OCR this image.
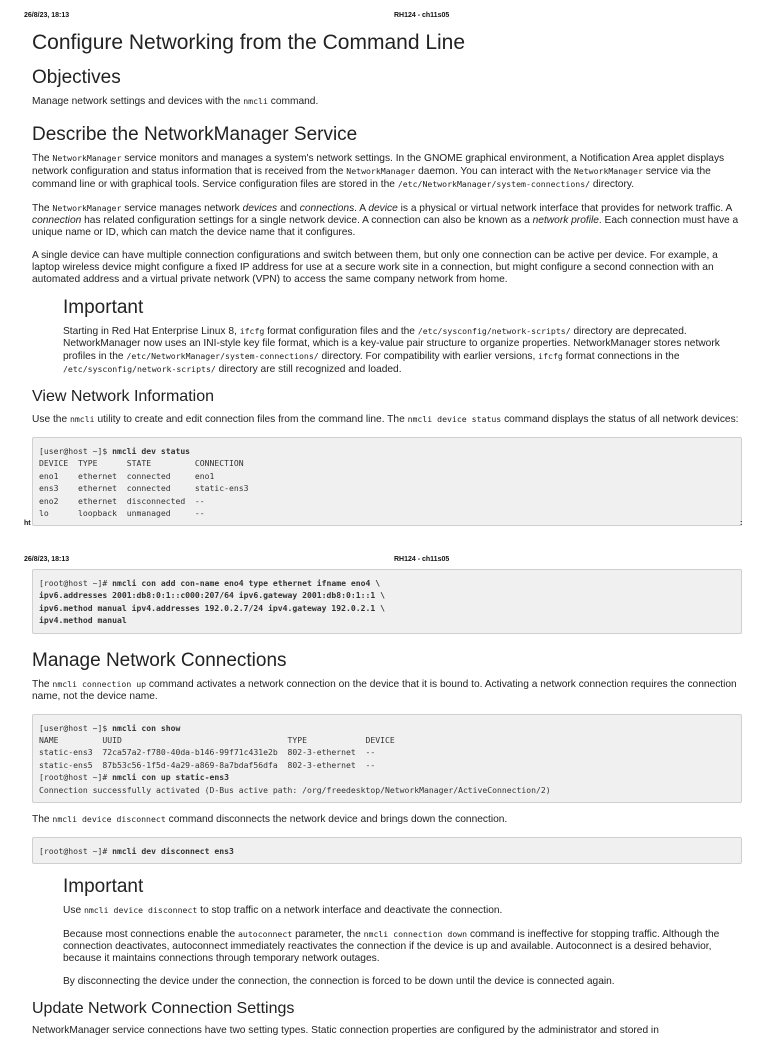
26/8/23, 18:13	RH124 - ch11s05
Configure Networking from the Command Line
Objectives

Manage network settings and devices with the nmcli command.

Describe the NetworkManager Service

The NetworkManager service monitors and manages a system's network settings. In the GNOME graphical environment, a Notification Area applet displays network configuration and status information that is received from the NetworkManager daemon. You can interact with the NetworkManager service via the command line or with graphical tools. Service configuration files are stored in the /etc/NetworkManager/system-connections/ directory.

The NetworkManager service manages network devices and connections. A device is a physical or virtual network interface that provides for network traffic. A connection has related configuration settings for a single network device. A connection can also be known as a network profile. Each connection must have a unique name or ID, which can match the device name that it configures.

A single device can have multiple connection configurations and switch between them, but only one connection can be active per device. For example, a laptop wireless device might configure a fixed IP address for use at a secure work site in a connection, but might configure a second connection with an automated address and a virtual private network (VPN) to access the same company network from home.

Important

Starting in Red Hat Enterprise Linux 8, ifcfg format configuration files and the /etc/sysconfig/network-scripts/ directory are deprecated. NetworkManager now uses an INI-style key file format, which is a key-value pair structure to organize properties. NetworkManager stores network profiles in the /etc/NetworkManager/system-connections/ directory. For compatibility with earlier versions, ifcfg format connections in the /etc/sysconfig/network-scripts/ directory are still recognized and loaded.

View Network Information

Use the nmcli utility to create and edit connection files from the command line. The nmcli device status command displays the status of all network devices:

[user@host ~]$ nmcli dev status
DEVICE  TYPE      STATE         CONNECTION
eno1    ethernet  connected     eno1
ens3    ethernet  connected     static-ens3
eno2    ethernet  disconnected  --
lo      loopback  unmanaged     --
ht	:
26/8/23, 18:13	RH124 - ch11s05
[root@host ~]# nmcli con add con-name eno4 type ethernet ifname eno4 \
ipv6.addresses 2001:db8:0:1::c000:207/64 ipv6.gateway 2001:db8:0:1::1 \
ipv6.method manual ipv4.addresses 192.0.2.7/24 ipv4.gateway 192.0.2.1 \
ipv4.method manual
Manage Network Connections

The nmcli connection up command activates a network connection on the device that it is bound to. Activating a network connection requires the connection name, not the device name.

[user@host ~]$ nmcli con show
NAME         UUID                                  TYPE            DEVICE
static-ens3  72ca57a2-f780-40da-b146-99f71c431e2b  802-3-ethernet  --
static-ens5  87b53c56-1f5d-4a29-a869-8a7bdaf56dfa  802-3-ethernet  --
[root@host ~]# nmcli con up static-ens3
Connection successfully activated (D-Bus active path: /org/freedesktop/NetworkManager/ActiveConnection/2)

The nmcli device disconnect command disconnects the network device and brings down the connection.

[root@host ~]# nmcli dev disconnect ens3
Important

Use nmcli device disconnect to stop traffic on a network interface and deactivate the connection.

Because most connections enable the autoconnect parameter, the nmcli connection down command is ineffective for stopping traffic. Although the connection deactivates, autoconnect immediately reactivates the connection if the device is up and available. Autoconnect is a desired behavior, because it maintains connections through temporary network outages.

By disconnecting the device under the connection, the connection is forced to be down until the device is connected again.

Update Network Connection Settings

NetworkManager service connections have two setting types. Static connection properties are configured by the administrator and stored in
